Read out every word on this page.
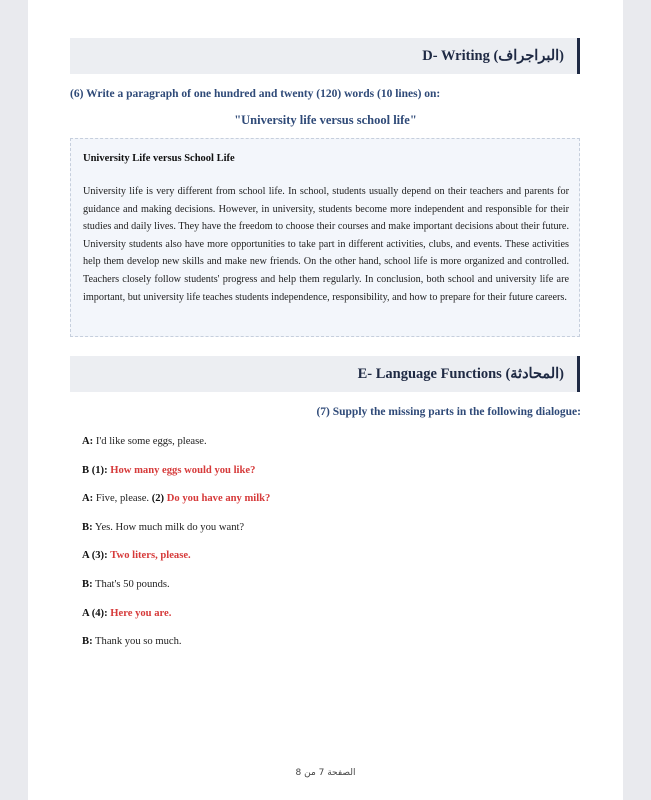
D- Writing (البراجراف)
(6) Write a paragraph of one hundred and twenty (120) words (10 lines) on:
"University life versus school life"
University Life versus School Life
University life is very different from school life. In school, students usually depend on their teachers and parents for guidance and making decisions. However, in university, students become more independent and responsible for their studies and daily lives. They have the freedom to choose their courses and make important decisions about their future. University students also have more opportunities to take part in different activities, clubs, and events. These activities help them develop new skills and make new friends. On the other hand, school life is more organized and controlled. Teachers closely follow students' progress and help them regularly. In conclusion, both school and university life are important, but university life teaches students independence, responsibility, and how to prepare for their future careers.
E- Language Functions (المحادثة)
(7) Supply the missing parts in the following dialogue:
A: I'd like some eggs, please.
B (1): How many eggs would you like?
A: Five, please. (2) Do you have any milk?
B: Yes. How much milk do you want?
A (3): Two liters, please.
B: That's 50 pounds.
A (4): Here you are.
B: Thank you so much.
الصفحة 7 من 8
